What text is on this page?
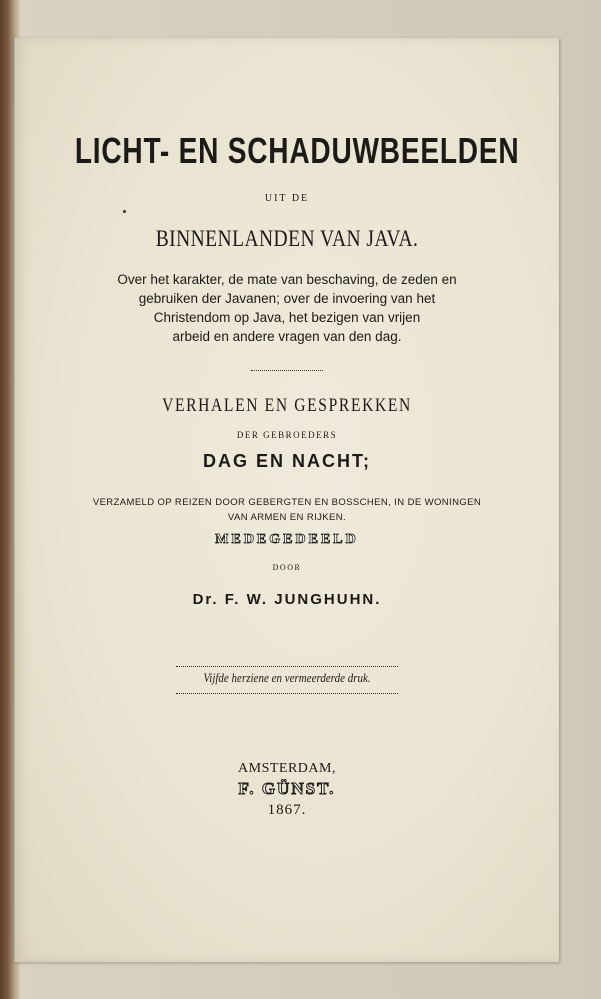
LICHT- EN SCHADUWBEELDEN
UIT DE
BINNENLANDEN VAN JAVA.
Over het karakter, de mate van beschaving, de zeden en
gebruiken der Javanen; over de invoering van het
Christendom op Java, het bezigen van vrijen
arbeid en andere vragen van den dag.
VERHALEN EN GESPREKKEN
DER GEBROEDERS
DAG EN NACHT;
VERZAMELD OP REIZEN DOOR GEBERGTEN EN BOSSCHEN, IN DE WONINGEN
VAN ARMEN EN RIJKEN.
MEDEGEDEELD
DOOR
Dr. F. W. JUNGHUHN.
Vijfde herziene en vermeerderde druk.
AMSTERDAM,
F. GÜNST.
1867.
